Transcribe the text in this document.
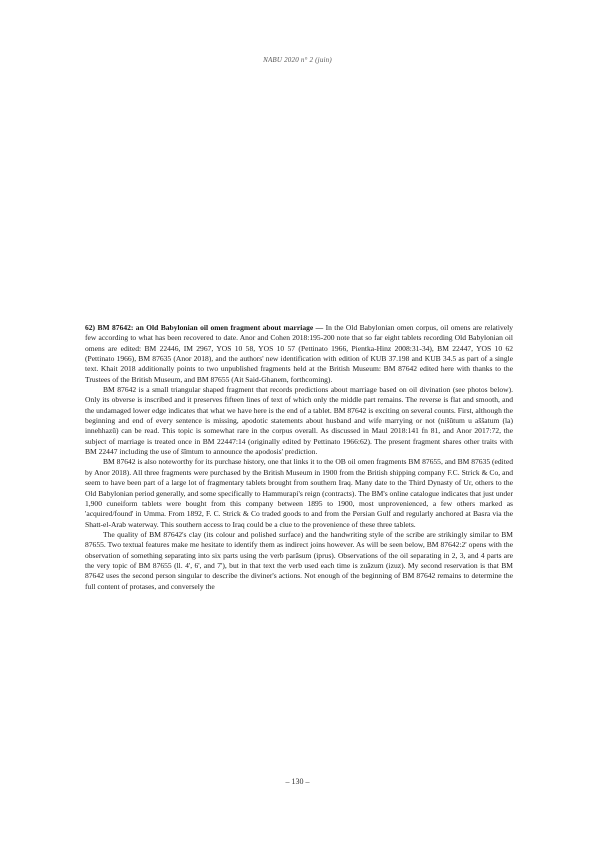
NABU 2020 n° 2 (juin)

62) BM 87642: an Old Babylonian oil omen fragment about marriage — In the Old Babylonian omen corpus, oil omens are relatively few according to what has been recovered to date. Anor and Cohen 2018:195-200 note that so far eight tablets recording Old Babylonian oil omens are edited: BM 22446, IM 2967, YOS 10 58, YOS 10 57 (Pettinato 1966, Pientka-Hinz 2008:31-34), BM 22447, YOS 10 62 (Pettinato 1966), BM 87635 (Anor 2018), and the authors' new identification with edition of KUB 37.198 and KUB 34.5 as part of a single text. Khait 2018 additionally points to two unpublished fragments held at the British Museum: BM 87642 edited here with thanks to the Trustees of the British Museum, and BM 87655 (Ait Said-Ghanem, forthcoming).

BM 87642 is a small triangular shaped fragment that records predictions about marriage based on oil divination (see photos below). Only its obverse is inscribed and it preserves fifteen lines of text of which only the middle part remains. The reverse is flat and smooth, and the undamaged lower edge indicates that what we have here is the end of a tablet. BM 87642 is exciting on several counts. First, although the beginning and end of every sentence is missing, apodotic statements about husband and wife marrying or not (nišūtum u aššatum (la) innehhazū) can be read. This topic is somewhat rare in the corpus overall. As discussed in Maul 2018:141 fn 81, and Anor 2017:72, the subject of marriage is treated once in BM 22447:14 (originally edited by Pettinato 1966:62). The present fragment shares other traits with BM 22447 including the use of šīmtum to announce the apodosis' prediction.

BM 87642 is also noteworthy for its purchase history, one that links it to the OB oil omen fragments BM 87655, and BM 87635 (edited by Anor 2018). All three fragments were purchased by the British Museum in 1900 from the British shipping company F.C. Strick & Co, and seem to have been part of a large lot of fragmentary tablets brought from southern Iraq. Many date to the Third Dynasty of Ur, others to the Old Babylonian period generally, and some specifically to Hammurapi's reign (contracts). The BM's online catalogue indicates that just under 1,900 cuneiform tablets were bought from this company between 1895 to 1900, most unprovenienced, a few others marked as 'acquired/found' in Umma. From 1892, F. C. Strick & Co traded goods to and from the Persian Gulf and regularly anchored at Basra via the Shatt-el-Arab waterway. This southern access to Iraq could be a clue to the provenience of these three tablets.

The quality of BM 87642's clay (its colour and polished surface) and the handwriting style of the scribe are strikingly similar to BM 87655. Two textual features make me hesitate to identify them as indirect joins however. As will be seen below, BM 87642:2' opens with the observation of something separating into six parts using the verb parāsum (iprus). Observations of the oil separating in 2, 3, and 4 parts are the very topic of BM 87655 (ll. 4', 6', and 7'), but in that text the verb used each time is zuāzum (izuz). My second reservation is that BM 87642 uses the second person singular to describe the diviner's actions. Not enough of the beginning of BM 87642 remains to determine the full content of protases, and conversely the

– 130 –
